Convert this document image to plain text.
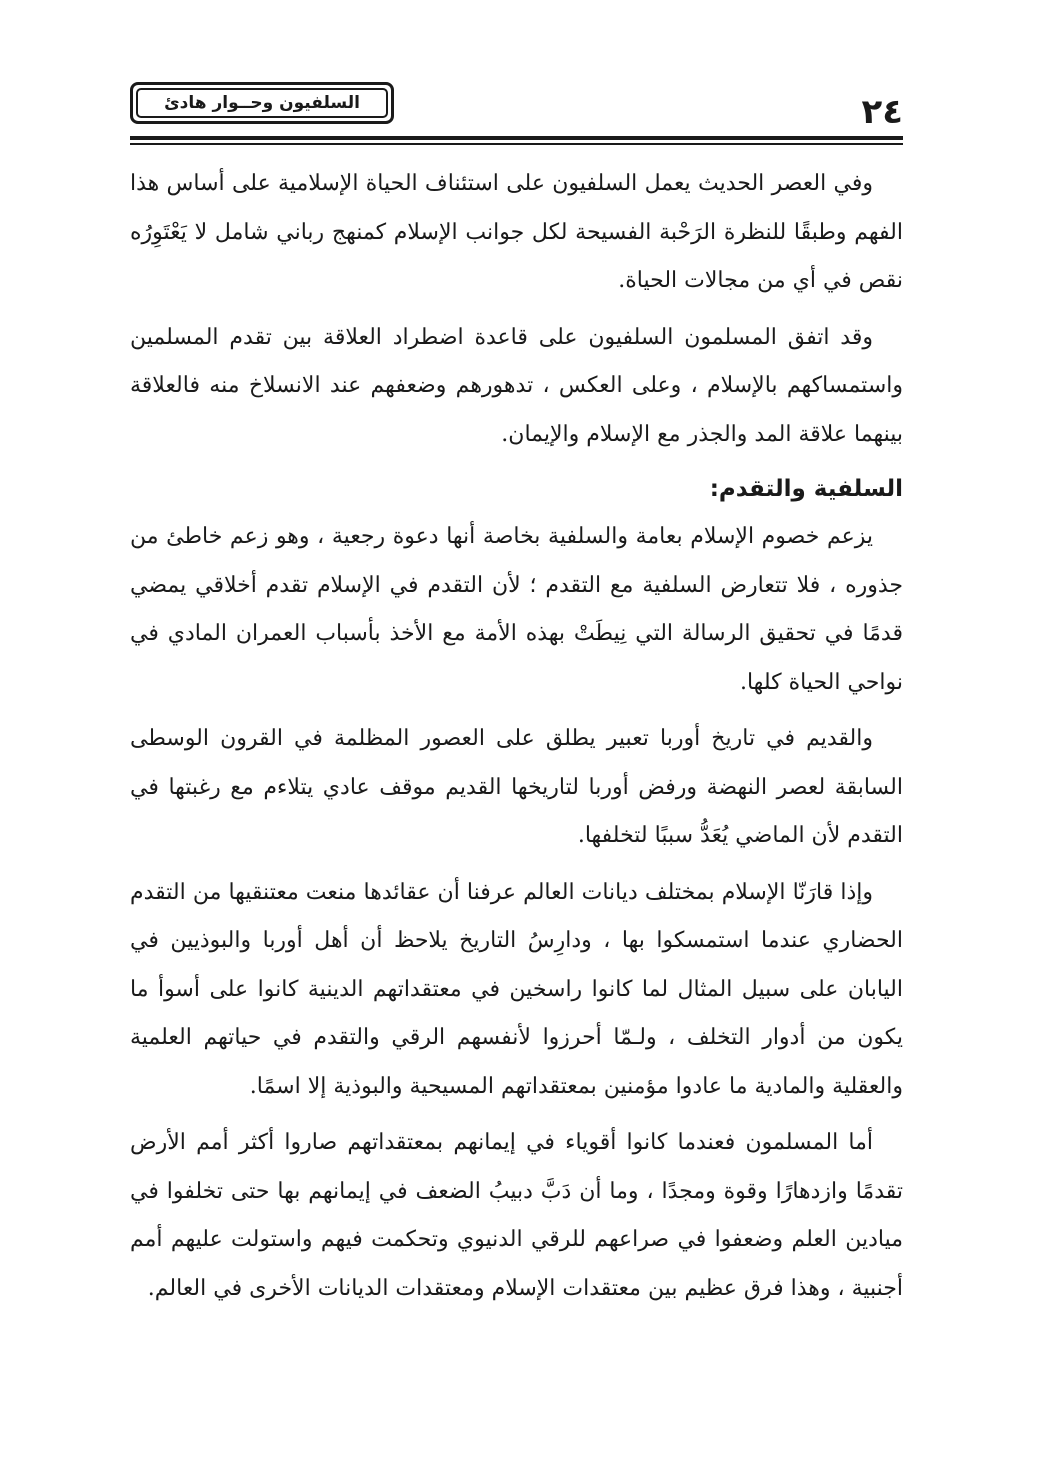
٢٤
السلفيون وحــوار هادئ

وفي العصر الحديث يعمل السلفيون على استئناف الحياة الإسلامية على أساس هذا الفهم وطبقًا للنظرة الرَحْبة الفسيحة لكل جوانب الإسلام كمنهج رباني شامل لا يَعْتَوِرُه نقص في أي من مجالات الحياة.

وقد اتفق المسلمون السلفيون على قاعدة اضطراد العلاقة بين تقدم المسلمين واستمساكهم بالإسلام ، وعلى العكس ، تدهورهم وضعفهم عند الانسلاخ منه فالعلاقة بينهما علاقة المد والجذر مع الإسلام والإيمان.

السلفية والتقدم:

يزعم خصوم الإسلام بعامة والسلفية بخاصة أنها دعوة رجعية ، وهو زعم خاطئ من جذوره ، فلا تتعارض السلفية مع التقدم ؛ لأن التقدم في الإسلام تقدم أخلاقي يمضي قدمًا في تحقيق الرسالة التي نِيطَتْ بهذه الأمة مع الأخذ بأسباب العمران المادي في نواحي الحياة كلها.

والقديم في تاريخ أوربا تعبير يطلق على العصور المظلمة في القرون الوسطى السابقة لعصر النهضة ورفض أوربا لتاريخها القديم موقف عادي يتلاءم مع رغبتها في التقدم لأن الماضي يُعَدُّ سببًا لتخلفها.

وإذا قارَنّا الإسلام بمختلف ديانات العالم عرفنا أن عقائدها منعت معتنقيها من التقدم الحضاري عندما استمسكوا بها ، ودارِسُ التاريخ يلاحظ أن أهل أوربا والبوذيين في اليابان على سبيل المثال لما كانوا راسخين في معتقداتهم الدينية كانوا على أسوأ ما يكون من أدوار التخلف ، ولـمّا أحرزوا لأنفسهم الرقي والتقدم في حياتهم العلمية والعقلية والمادية ما عادوا مؤمنين بمعتقداتهم المسيحية والبوذية إلا اسمًا.

أما المسلمون فعندما كانوا أقوياء في إيمانهم بمعتقداتهم صاروا أكثر أمم الأرض تقدمًا وازدهارًا وقوة ومجدًا ، وما أن دَبَّ دبيبُ الضعف في إيمانهم بها حتى تخلفوا في ميادين العلم وضعفوا في صراعهم للرقي الدنيوي وتحكمت فيهم واستولت عليهم أمم أجنبية ، وهذا فرق عظيم بين معتقدات الإسلام ومعتقدات الديانات الأخرى في العالم.
